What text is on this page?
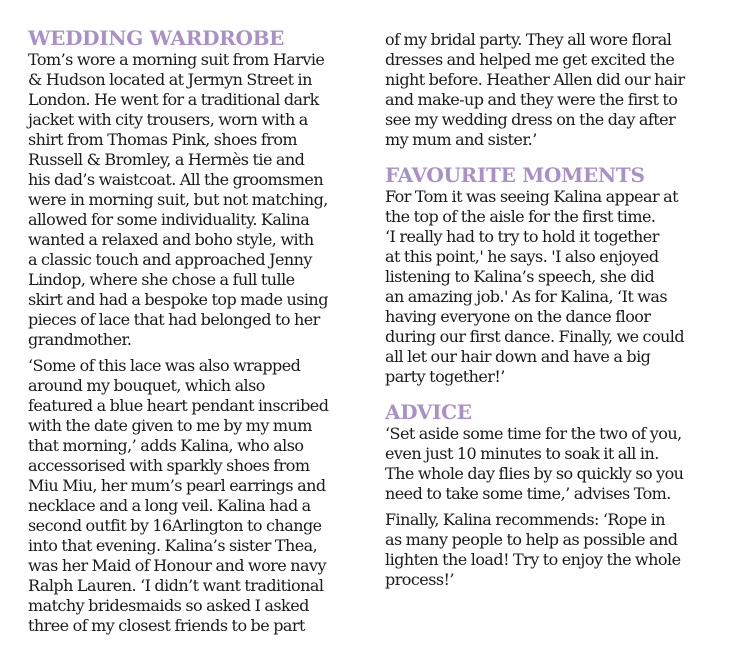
WEDDING WARDROBE

Tom’s wore a morning suit from Harvie
& Hudson located at Jermyn Street in
London. He went for a traditional dark
jacket with city trousers, worn with a
shirt from Thomas Pink, shoes from
Russell & Bromley, a Hermès tie and
his dad’s waistcoat. All the groomsmen
were in morning suit, but not matching,
allowed for some individuality. Kalina
wanted a relaxed and boho style, with
a classic touch and approached Jenny
Lindop, where she chose a full tulle
skirt and had a bespoke top made using
pieces of lace that had belonged to her
grandmother.

‘Some of this lace was also wrapped
around my bouquet, which also
featured a blue heart pendant inscribed
with the date given to me by my mum
that morning,’ adds Kalina, who also
accessorised with sparkly shoes from
Miu Miu, her mum’s pearl earrings and
necklace and a long veil. Kalina had a
second outfit by 16Arlington to change
into that evening. Kalina’s sister Thea,
was her Maid of Honour and wore navy
Ralph Lauren. ‘I didn’t want traditional
matchy bridesmaids so asked I asked
three of my closest friends to be part

of my bridal party. They all wore floral
dresses and helped me get excited the
night before. Heather Allen did our hair
and make-up and they were the first to
see my wedding dress on the day after
my mum and sister.’

FAVOURITE MOMENTS

For Tom it was seeing Kalina appear at
the top of the aisle for the first time.
‘I really had to try to hold it together
at this point,' he says. 'I also enjoyed
listening to Kalina’s speech, she did
an amazing job.' As for Kalina, ‘It was
having everyone on the dance floor
during our first dance. Finally, we could
all let our hair down and have a big
party together!’

ADVICE

‘Set aside some time for the two of you,
even just 10 minutes to soak it all in.
The whole day flies by so quickly so you
need to take some time,’ advises Tom.

Finally, Kalina recommends: ‘Rope in
as many people to help as possible and
lighten the load! Try to enjoy the whole
process!’
